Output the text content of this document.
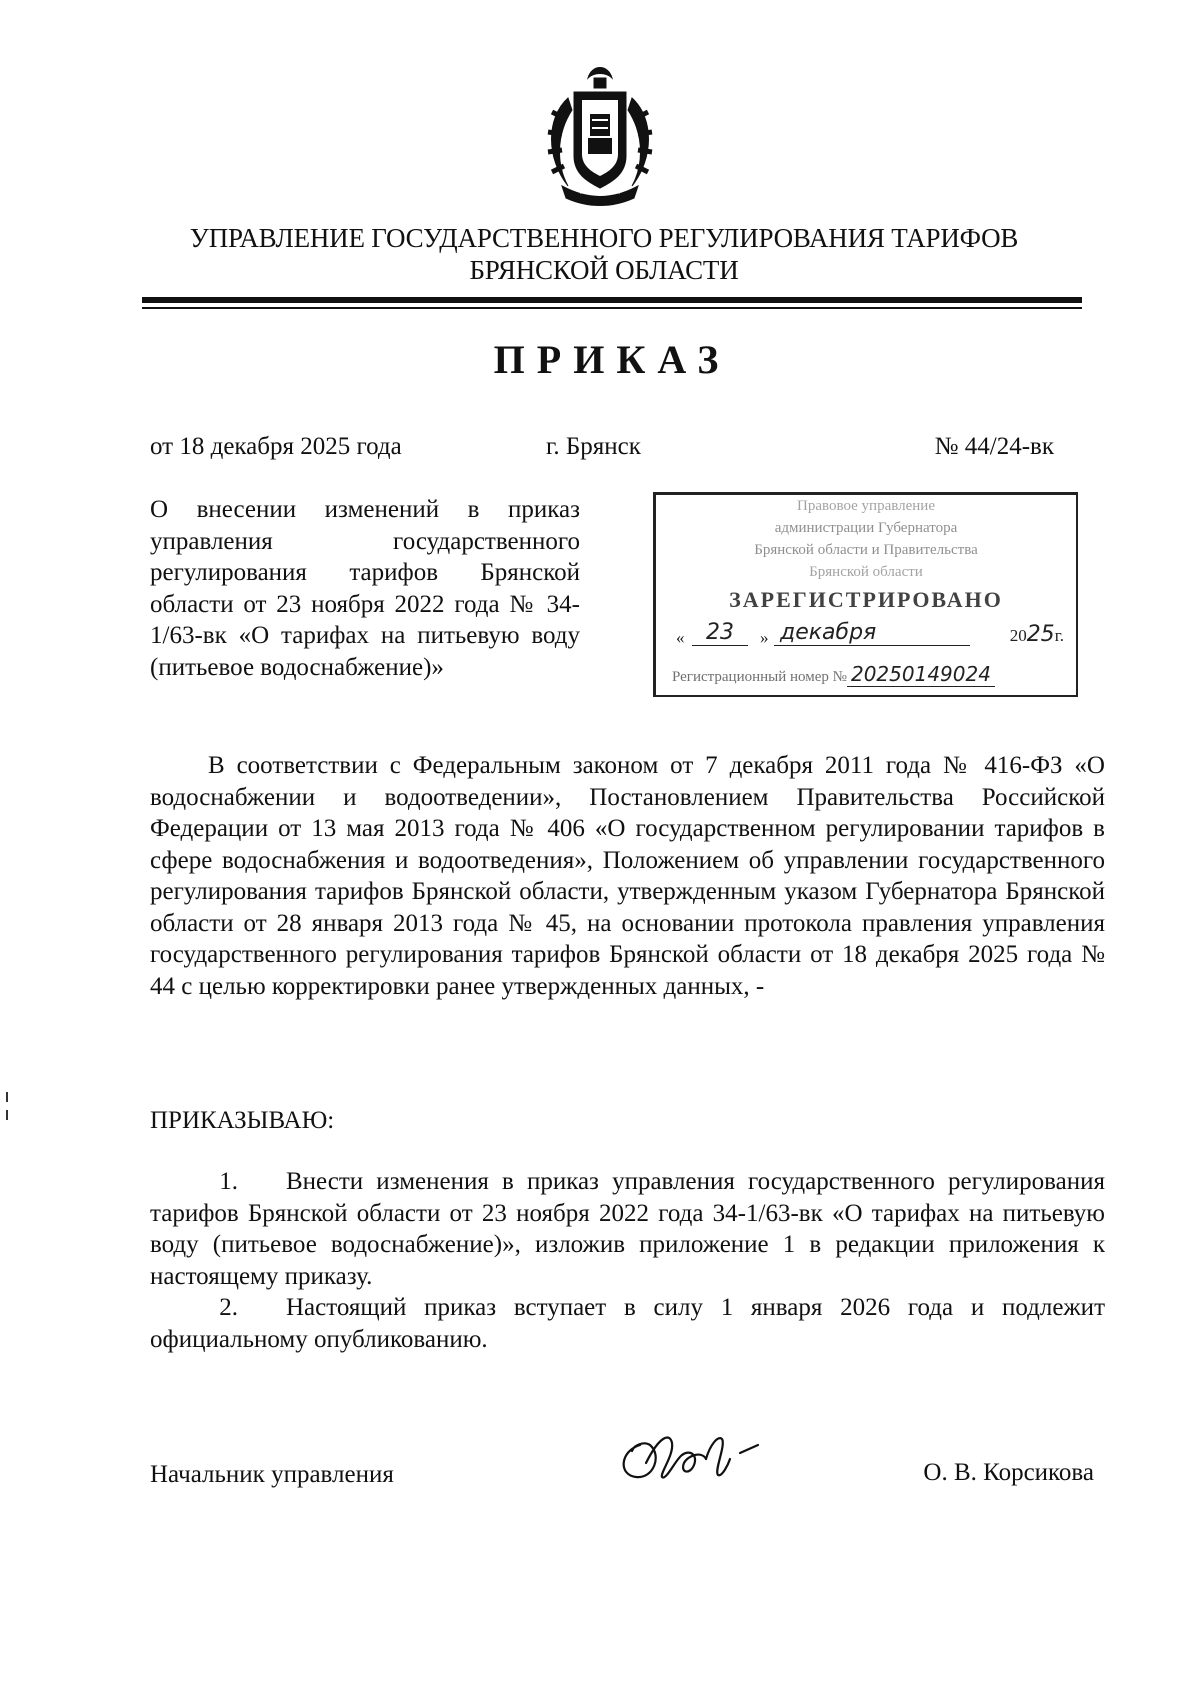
УПРАВЛЕНИЕ ГОСУДАРСТВЕННОГО РЕГУЛИРОВАНИЯ ТАРИФОВ
БРЯНСКОЙ ОБЛАСТИ
ПРИКАЗ
от 18 декабря 2025 года	г. Брянск	№ 44/24-вк
О внесении изменений в приказ управления государственного регулирования тарифов Брянской области от 23 ноября 2022 года № 34-1/63-вк «О тарифах на питьевую воду (питьевое водоснабжение)»
Правовое управление
администрации Губернатора
Брянской области и Правительства
Брянской области
ЗАРЕГИСТРИРОВАНО
« 23	» декабря	2025г.
Регистрационный номер № 20250149024

В соответствии с Федеральным законом от 7 декабря 2011 года № 416-ФЗ «О водоснабжении и водоотведении», Постановлением Правительства Российской Федерации от 13 мая 2013 года № 406 «О государственном регулировании тарифов в сфере водоснабжения и водоотведения», Положением об управлении государственного регулирования тарифов Брянской области, утвержденным указом Губернатора Брянской области от 28 января 2013 года № 45, на основании протокола правления управления государственного регулирования тарифов Брянской области от 18 декабря 2025 года № 44 с целью корректировки ранее утвержденных данных, -

ПРИКАЗЫВАЮ:

1. Внести изменения в приказ управления государственного регулирования тарифов Брянской области от 23 ноября 2022 года 34-1/63-вк «О тарифах на питьевую воду (питьевое водоснабжение)», изложив приложение 1 в редакции приложения к настоящему приказу.

2. Настоящий приказ вступает в силу 1 января 2026 года и подлежит официальному опубликованию.

Начальник управления	О. В. Корсикова
